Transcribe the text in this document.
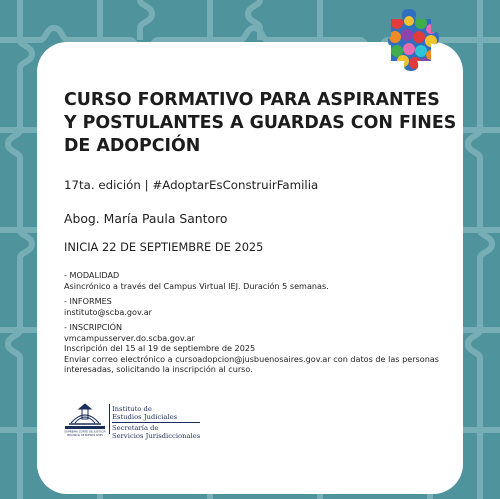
CURSO FORMATIVO PARA ASPIRANTES
Y POSTULANTES A GUARDAS CON FINES
DE ADOPCIÓN
17ta. edición | #AdoptarEsConstruirFamilia
Abog. María Paula Santoro
INICIA 22 DE SEPTIEMBRE DE 2025
- MODALIDAD
Asincrónico a través del Campus Virtual IEJ. Duración 5 semanas.
- INFORMES
instituto@scba.gov.ar
- INSCRIPCIÓN
vmcampusserver.do.scba.gov.ar
Inscripción del 15 al 19 de septiembre de 2025
Enviar correo electrónico a cursoadopcion@jusbuenosaires.gov.ar con datos de las personas
interesadas, solicitando la inscripción al curso.
SUPREMA CORTE DE JUSTICIA
PROVINCIA DE BUENOS AIRES
Instituto de
Estudios Judiciales
Secretaría de
Servicios Jurisdiccionales
